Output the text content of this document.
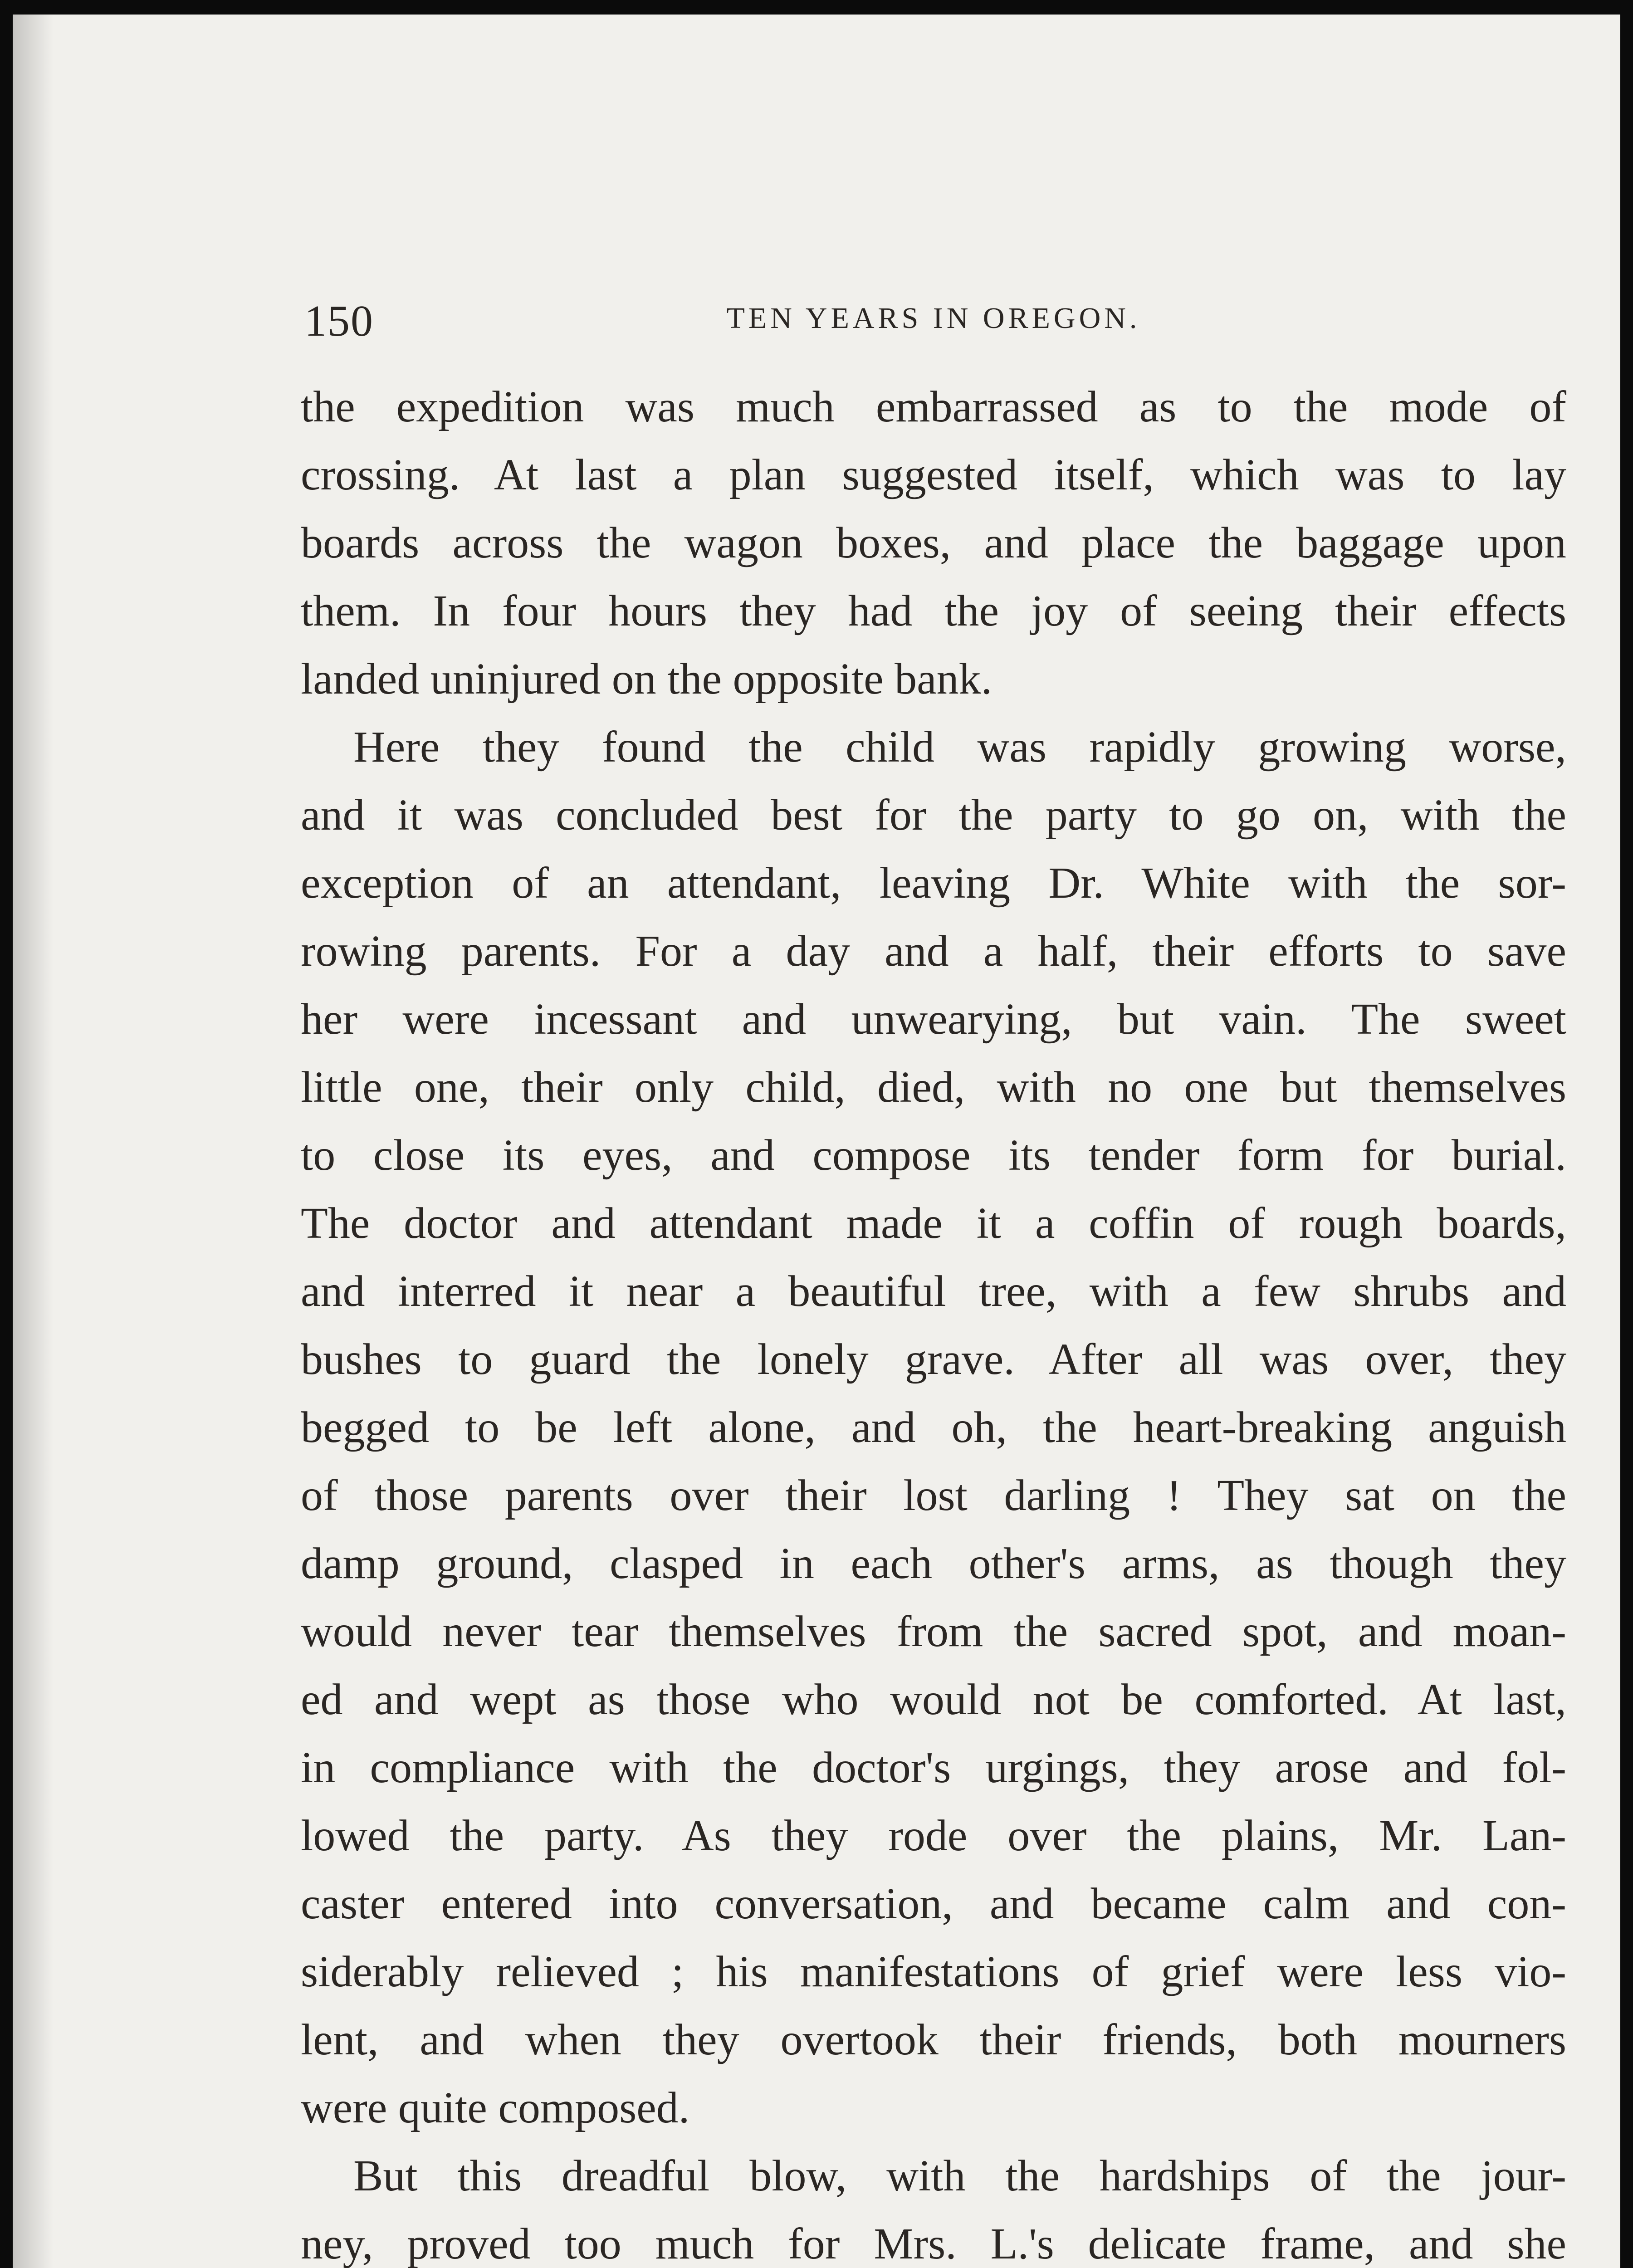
150	TEN YEARS IN OREGON.
the expedition was much embarrassed as to the mode of
crossing. At last a plan suggested itself, which was to lay
boards across the wagon boxes, and place the baggage upon
them. In four hours they had the joy of seeing their effects
landed uninjured on the opposite bank.
Here they found the child was rapidly growing worse,
and it was concluded best for the party to go on, with the
exception of an attendant, leaving Dr. White with the sor-
rowing parents. For a day and a half, their efforts to save
her were incessant and unwearying, but vain. The sweet
little one, their only child, died, with no one but themselves
to close its eyes, and compose its tender form for burial.
The doctor and attendant made it a coffin of rough boards,
and interred it near a beautiful tree, with a few shrubs and
bushes to guard the lonely grave. After all was over, they
begged to be left alone, and oh, the heart-breaking anguish
of those parents over their lost darling ! They sat on the
damp ground, clasped in each other's arms, as though they
would never tear themselves from the sacred spot, and moan-
ed and wept as those who would not be comforted. At last,
in compliance with the doctor's urgings, they arose and fol-
lowed the party. As they rode over the plains, Mr. Lan-
caster entered into conversation, and became calm and con-
siderably relieved ; his manifestations of grief were less vio-
lent, and when they overtook their friends, both mourners
were quite composed.
But this dreadful blow, with the hardships of the jour-
ney, proved too much for Mrs. L.'s delicate frame, and she
